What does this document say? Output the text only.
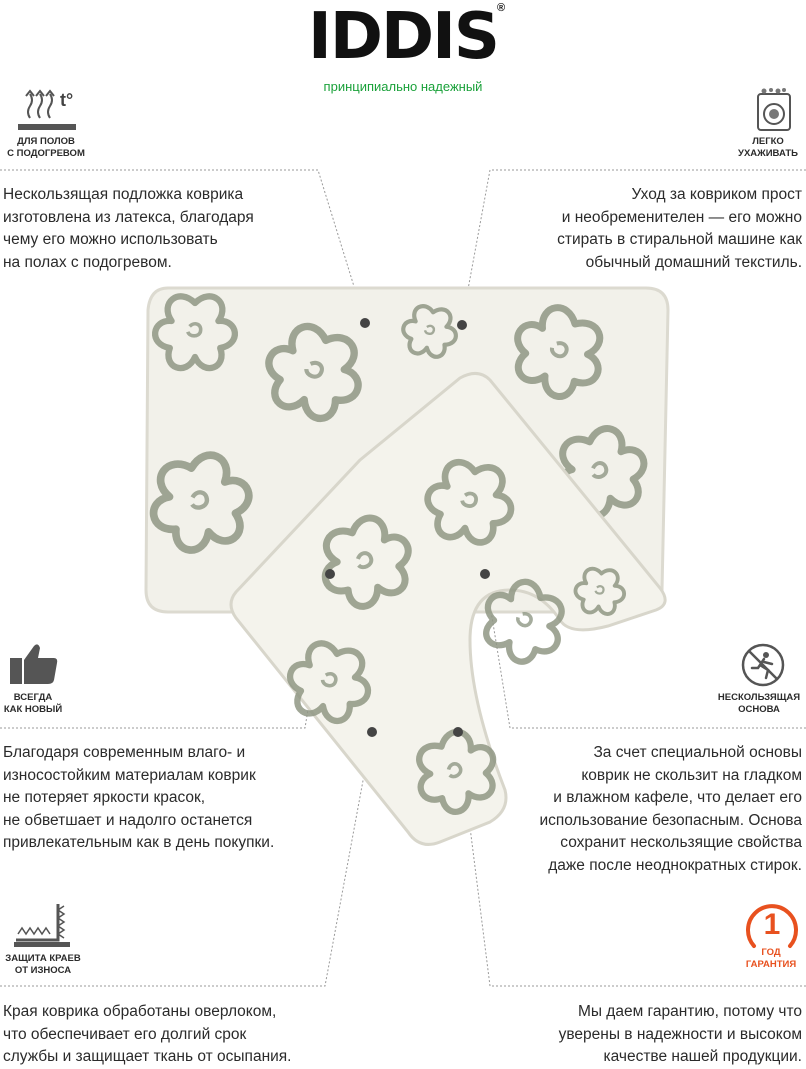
IDDIS ®
принципиально надежный
t°
ДЛЯ ПОЛОВ
С ПОДОГРЕВОМ
Нескользящая подложка коврика
изготовлена из латекса, благодаря
чему его можно использовать
на полах с подогревом.
ЛЕГКО
УХАЖИВАТЬ
Уход за ковриком прост
и необременителен — его можно
стирать в стиральной машине как
обычный домашний текстиль.
ВСЕГДА
КАК НОВЫЙ
Благодаря современным влаго- и
износостойким материалам коврик
не потеряет яркости красок,
не обветшает и надолго останется
привлекательным как в день покупки.
НЕСКОЛЬЗЯЩАЯ
ОСНОВА
За счет специальной основы
коврик не скользит на гладком
и влажном кафеле, что делает его
использование безопасным. Основа
сохранит нескользящие свойства
даже после неоднократных стирок.
ЗАЩИТА КРАЕВ
ОТ ИЗНОСА
Края коврика обработаны оверлоком,
что обеспечивает его долгий срок
службы и защищает ткань от осыпания.
1
ГОД
ГАРАНТИЯ
Мы даем гарантию, потому что
уверены в надежности и высоком
качестве нашей продукции.
